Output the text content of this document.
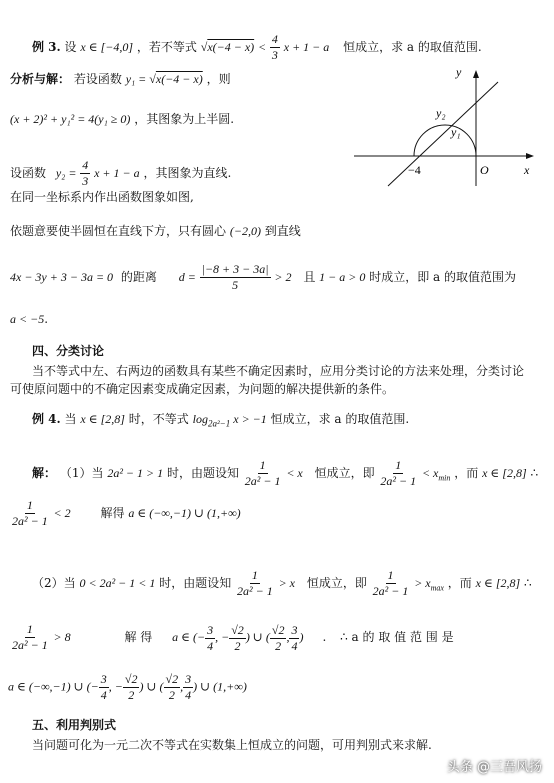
例 3. 设 x ∈ [−4,0] ，若不等式 $√x(-4 - x) < \frac{4}{3}$ x + 1 − a 恒成立，求 a 的取值范围.
分析与解： 若设函数 y₁ = √x(−4 − x) ，则
(x + 2)² + y₁² = 4(y₁ ≥ 0) ，其图象为上半圆.
设函数 $y_2 = \frac{4}{3}$ x + 1 − a ，其图象为直线.
在同一坐标系内作出函数图象如图,
依题意要使半圆恒在直线下方，只有圆心 (−2,0) 到直线
4x − 3y + 3 − 3a = 0 的距离 $d = \frac{|-8 + 3 - 3a|}{5} > 2$ 且 1 − a > 0 时成立，即 a 的取值范围为
a < −5.
y
x
O
−4
y₂
y₁
四、分类讨论
当不等式中左、右两边的函数具有某些不确定因素时，应用分类讨论的方法来处理，分类讨论
可使原问题中的不确定因素变成确定因素，为问题的解决提供新的条件。
例 4. 当 x ∈ [2,8] 时，不等式 $\log_{2a^2-1} x > -1$ 恒成立，求 a 的取值范围.
解： （1）当 2a² − 1 > 1 时，由题设知 $\frac{1}{\text{2a² − 1}} < x$ 恒成立，即 $\frac{1}{\text{2a² − 1}} < x_{min}$ ，而 x ∈ [2,8] ∴
$\frac{1}{\text{2a² − 1}} < 2$ 解得 a ∈ (−∞,−1) ∪ (1,+∞)
（2）当 0 < 2a² − 1 < 1 时，由题设知 $\frac{1}{\text{2a² − 1}} > x$ 恒成立，即 $\frac{1}{\text{2a² − 1}} > x_{max}$ ，而 x ∈ [2,8] ∴
$\frac{1}{\text{2a² − 1}} > 8$	解 得 a ∈ (− $\frac{3}{4}$ , − $\frac{√2}{2}$ ) ∪ ( $\frac{√2}{2}$ , $\frac{3}{4}$ ) . ∴ a 的 取 值 范 围 是
a ∈ (−∞,−1) ∪ (− $\frac{3}{4}$ , − $\frac{√2}{2}$ ) ∪ ( $\frac{√2}{2}$ , $\frac{3}{4}$ ) ∪ (1,+∞)
五、利用判别式
当问题可化为一元二次不等式在实数集上恒成立的问题，可用判别式来求解.
头条 @三吾风扬
